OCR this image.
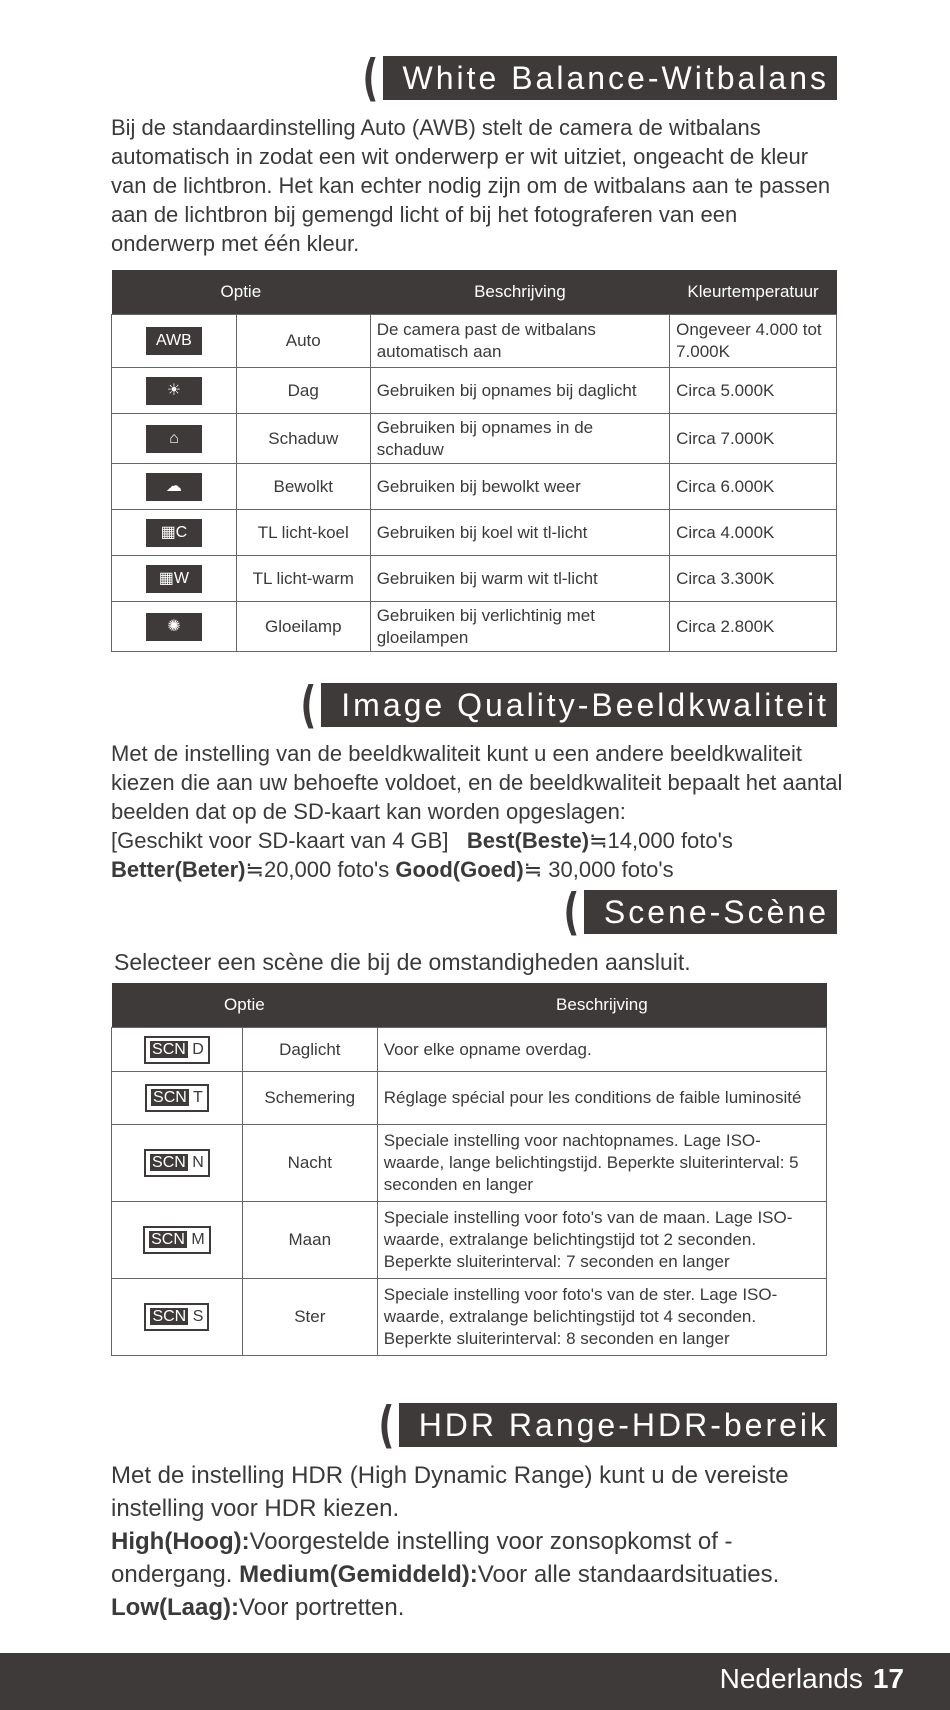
( White Balance-Witbalans
Bij de standaardinstelling Auto (AWB) stelt de camera de witbalans automatisch in zodat een wit onderwerp er wit uitziet, ongeacht de kleur van de lichtbron. Het kan echter nodig zijn om de witbalans aan te passen aan de lichtbron bij gemengd licht of bij het fotograferen van een onderwerp met één kleur.
Optie		Beschrijving	Kleurtemperatuur
AWB	Auto	De camera past de witbalans automatisch aan	Ongeveer 4.000 tot 7.000K
☀	Dag	Gebruiken bij opnames bij daglicht	Circa 5.000K
⌂	Schaduw	Gebruiken bij opnames in de schaduw	Circa 7.000K
☁	Bewolkt	Gebruiken bij bewolkt weer	Circa 6.000K
▦C	TL licht-koel	Gebruiken bij koel wit tl-licht	Circa 4.000K
▦W	TL licht-warm	Gebruiken bij warm wit tl-licht	Circa 3.300K
✺	Gloeilamp	Gebruiken bij verlichtinig met gloeilampen	Circa 2.800K
( Image Quality-Beeldkwaliteit
Met de instelling van de beeldkwaliteit kunt u een andere beeldkwaliteit kiezen die aan uw behoefte voldoet, en de beeldkwaliteit bepaalt het aantal beelden dat op de SD-kaart kan worden opgeslagen:
[Geschikt voor SD-kaart van 4 GB] Best(Beste)≒14,000 foto's
Better(Beter)≒20,000 foto's Good(Goed)≒ 30,000 foto's
( Scene-Scène
Selecteer een scène die bij de omstandigheden aansluit.
Optie		Beschrijving
SCN D	Daglicht	Voor elke opname overdag.
SCN T	Schemering	Réglage spécial pour les conditions de faible luminosité
SCN N	Nacht	Speciale instelling voor nachtopnames. Lage ISO-waarde, lange belichtingstijd. Beperkte sluiterinterval: 5 seconden en langer
SCN M	Maan	Speciale instelling voor foto's van de maan. Lage ISO-waarde, extralange belichtingstijd tot 2 seconden. Beperkte sluiterinterval: 7 seconden en langer
SCN S	Ster	Speciale instelling voor foto's van de ster. Lage ISO-waarde, extralange belichtingstijd tot 4 seconden. Beperkte sluiterinterval: 8 seconden en langer
( HDR Range-HDR-bereik
Met de instelling HDR (High Dynamic Range) kunt u de vereiste instelling voor HDR kiezen.
High(Hoog):Voorgestelde instelling voor zonsopkomst of -ondergang. Medium(Gemiddeld):Voor alle standaardsituaties. Low(Laag):Voor portretten.
Nederlands 17
